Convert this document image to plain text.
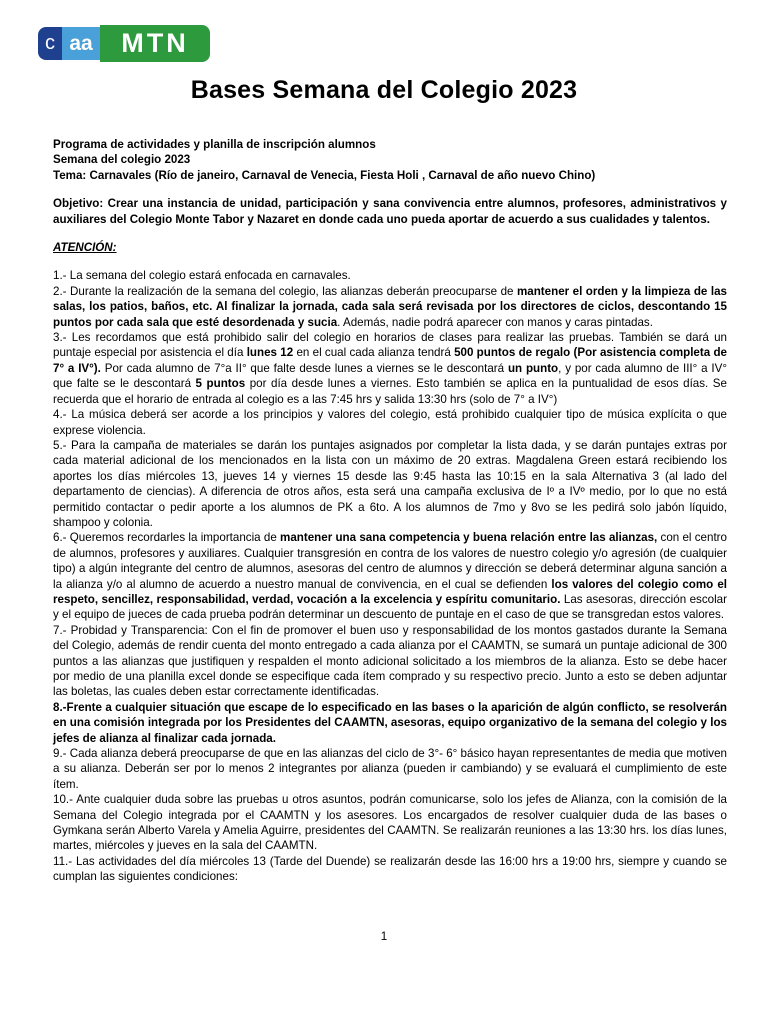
c aa	MTN
Bases Semana del Colegio 2023

Programa de actividades y planilla de inscripción alumnos

Semana del colegio 2023

Tema: Carnavales (Río de janeiro, Carnaval de Venecia, Fiesta Holi , Carnaval de año nuevo Chino)

Objetivo: Crear una instancia de unidad, participación y sana convivencia entre alumnos, profesores, administrativos y auxiliares del Colegio Monte Tabor y Nazaret en donde cada uno pueda aportar de acuerdo a sus cualidades y talentos.

ATENCIÓN:

1.- La semana del colegio estará enfocada en carnavales.

2.- Durante la realización de la semana del colegio, las alianzas deberán preocuparse de mantener el orden y la limpieza de las salas, los patios, baños, etc. Al finalizar la jornada, cada sala será revisada por los directores de ciclos, descontando 15 puntos por cada sala que esté desordenada y sucia. Además, nadie podrá aparecer con manos y caras pintadas.

3.- Les recordamos que está prohibido salir del colegio en horarios de clases para realizar las pruebas. También se dará un puntaje especial por asistencia el día lunes 12 en el cual cada alianza tendrá 500 puntos de regalo (Por asistencia completa de 7° a IV°). Por cada alumno de 7°a II° que falte desde lunes a viernes se le descontará un punto, y por cada alumno de III° a IV° que falte se le descontará 5 puntos por día desde lunes a viernes. Esto también se aplica en la puntualidad de esos días. Se recuerda que el horario de entrada al colegio es a las 7:45 hrs y salida 13:30 hrs (solo de 7° a IV°)

4.- La música deberá ser acorde a los principios y valores del colegio, está prohibido cualquier tipo de música explícita o que exprese violencia.

5.- Para la campaña de materiales se darán los puntajes asignados por completar la lista dada, y se darán puntajes extras por cada material adicional de los mencionados en la lista con un máximo de 20 extras. Magdalena Green estará recibiendo los aportes los días miércoles 13, jueves 14 y viernes 15 desde las 9:45 hasta las 10:15 en la sala Alternativa 3 (al lado del departamento de ciencias). A diferencia de otros años, esta será una campaña exclusiva de Iº a IVº medio, por lo que no está permitido contactar o pedir aporte a los alumnos de PK a 6to. A los alumnos de 7mo y 8vo se les pedirá solo jabón líquido, shampoo y colonia.

6.- Queremos recordarles la importancia de mantener una sana competencia y buena relación entre las alianzas, con el centro de alumnos, profesores y auxiliares. Cualquier transgresión en contra de los valores de nuestro colegio y/o agresión (de cualquier tipo) a algún integrante del centro de alumnos, asesoras del centro de alumnos y dirección se deberá determinar alguna sanción a la alianza y/o al alumno de acuerdo a nuestro manual de convivencia, en el cual se defienden los valores del colegio como el respeto, sencillez, responsabilidad, verdad, vocación a la excelencia y espíritu comunitario. Las asesoras, dirección escolar y el equipo de jueces de cada prueba podrán determinar un descuento de puntaje en el caso de que se transgredan estos valores.

7.- Probidad y Transparencia: Con el fin de promover el buen uso y responsabilidad de los montos gastados durante la Semana del Colegio, además de rendir cuenta del monto entregado a cada alianza por el CAAMTN, se sumará un puntaje adicional de 300 puntos a las alianzas que justifiquen y respalden el monto adicional solicitado a los miembros de la alianza. Esto se debe hacer por medio de una planilla excel donde se especifique cada ítem comprado y su respectivo precio. Junto a esto se deben adjuntar las boletas, las cuales deben estar correctamente identificadas.

8.-Frente a cualquier situación que escape de lo especificado en las bases o la aparición de algún conflicto, se resolverán en una comisión integrada por los Presidentes del CAAMTN, asesoras, equipo organizativo de la semana del colegio y los jefes de alianza al finalizar cada jornada.

9.- Cada alianza deberá preocuparse de que en las alianzas del ciclo de 3°- 6° básico hayan representantes de media que motiven a su alianza. Deberán ser por lo menos 2 integrantes por alianza (pueden ir cambiando) y se evaluará el cumplimiento de este ítem.

10.- Ante cualquier duda sobre las pruebas u otros asuntos, podrán comunicarse, solo los jefes de Alianza, con la comisión de la Semana del Colegio integrada por el CAAMTN y los asesores. Los encargados de resolver cualquier duda de las bases o Gymkana serán Alberto Varela y Amelia Aguirre, presidentes del CAAMTN. Se realizarán reuniones a las 13:30 hrs. los días lunes, martes, miércoles y jueves en la sala del CAAMTN.

11.- Las actividades del día miércoles 13 (Tarde del Duende) se realizarán desde las 16:00 hrs a 19:00 hrs, siempre y cuando se cumplan las siguientes condiciones:

1
